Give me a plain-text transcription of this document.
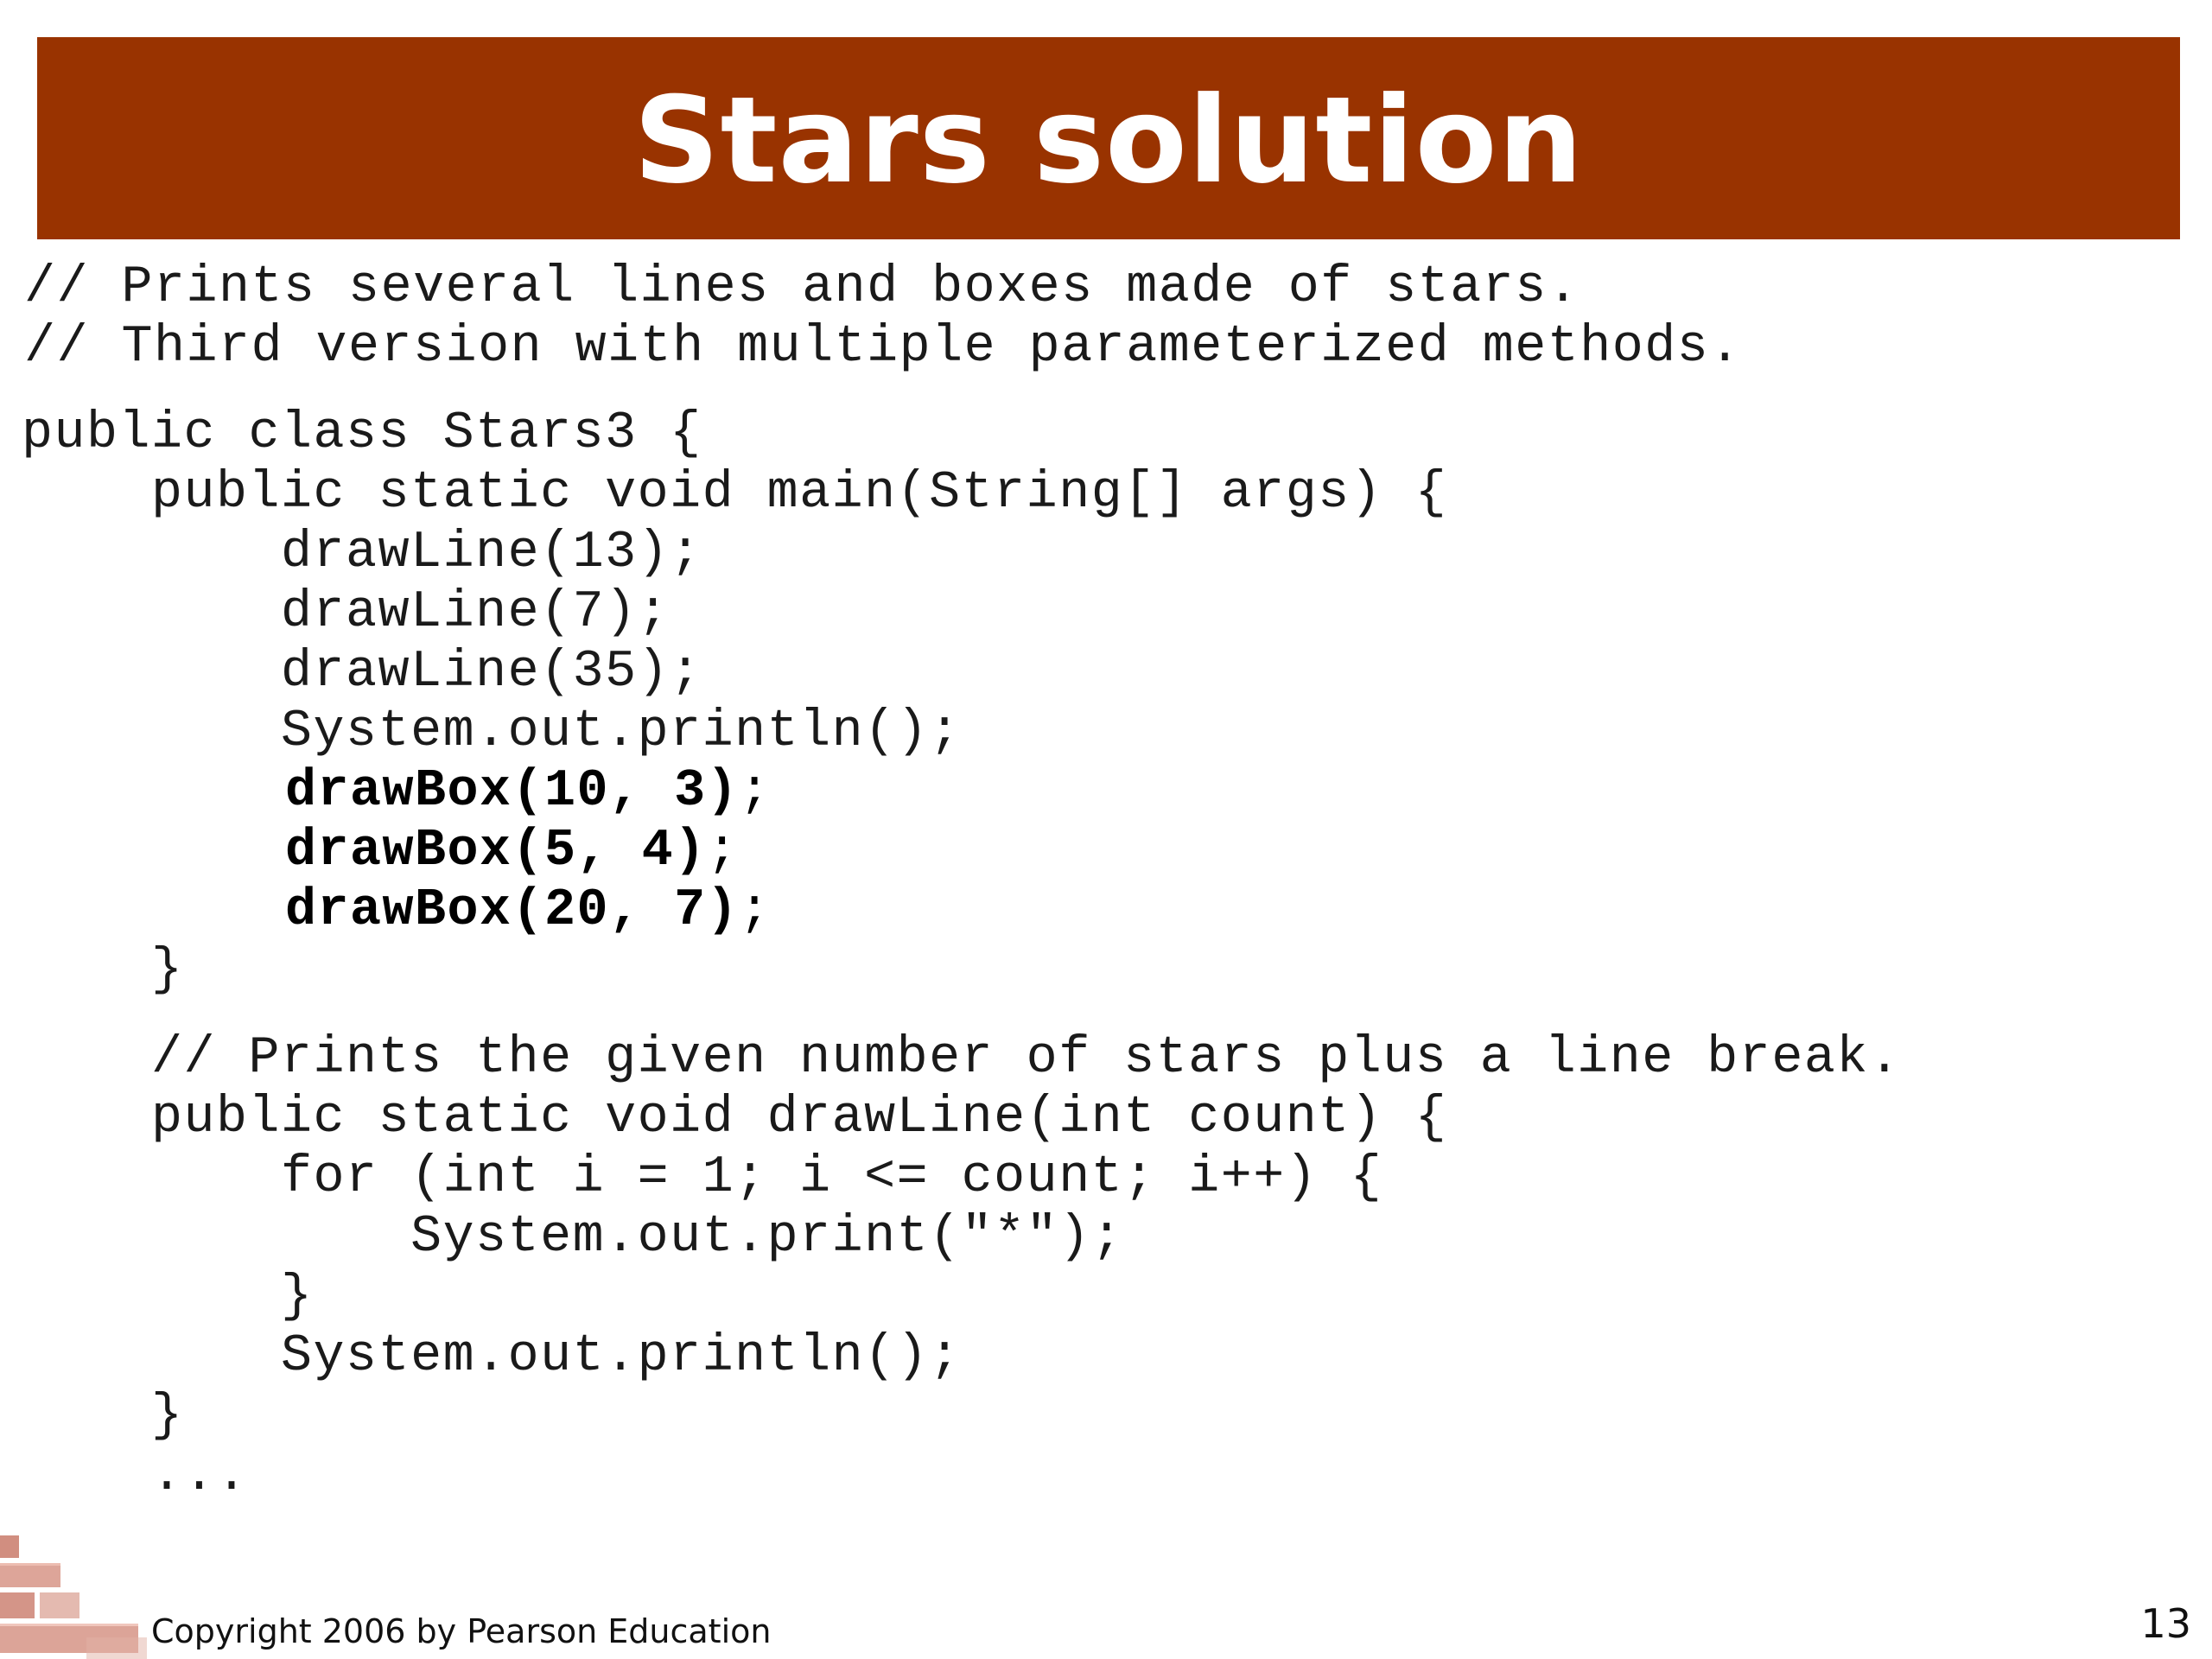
Stars solution
// Prints several lines and boxes made of stars.
// Third version with multiple parameterized methods.
public class Stars3 {
public static void main(String[] args) {
drawLine(13);
drawLine(7);
drawLine(35);
System.out.println();
drawBox(10, 3);
drawBox(5, 4);
drawBox(20, 7);
}
// Prints the given number of stars plus a line break.
public static void drawLine(int count) {
for (int i = 1; i <= count; i++) {
System.out.print("*");
}
System.out.println();
}
...
Copyright 2006 by Pearson Education	13
